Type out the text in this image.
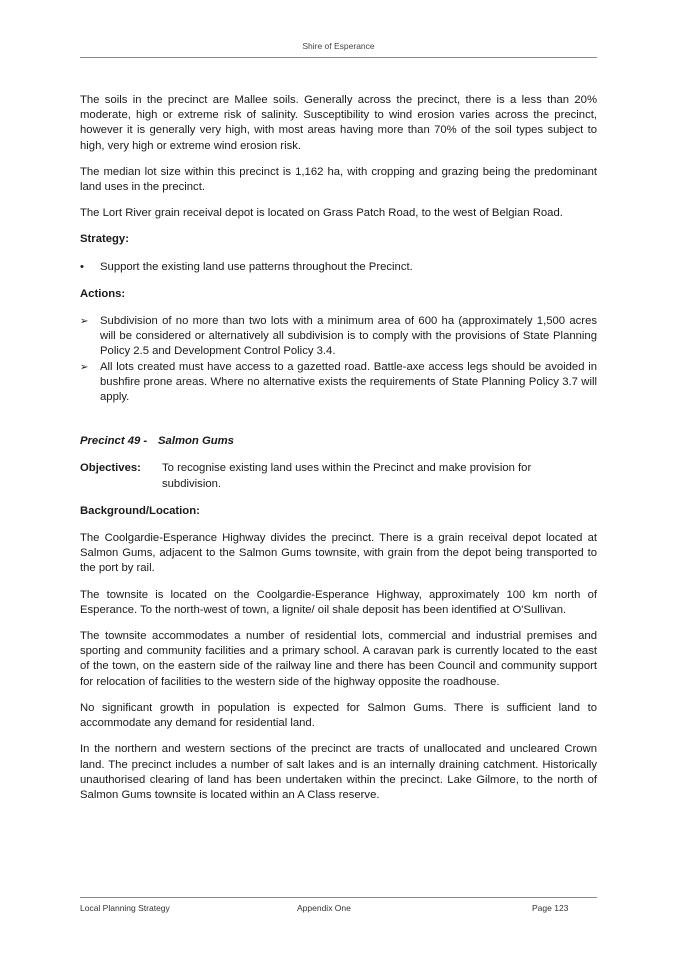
Shire of Esperance

The soils in the precinct are Mallee soils. Generally across the precinct, there is a less than 20% moderate, high or extreme risk of salinity. Susceptibility to wind erosion varies across the precinct, however it is generally very high, with most areas having more than 70% of the soil types subject to high, very high or extreme wind erosion risk.

The median lot size within this precinct is 1,162 ha, with cropping and grazing being the predominant land uses in the precinct.

The Lort River grain receival depot is located on Grass Patch Road, to the west of Belgian Road.

Strategy:
• Support the existing land use patterns throughout the Precinct.
Actions:
➢ Subdivision of no more than two lots with a minimum area of 600 ha (approximately 1,500 acres will be considered or alternatively all subdivision is to comply with the provisions of State Planning Policy 2.5 and Development Control Policy 3.4.
➢ All lots created must have access to a gazetted road. Battle-axe access legs should be avoided in bushfire prone areas. Where no alternative exists the requirements of State Planning Policy 3.7 will apply.
Precinct 49 - Salmon Gums
Objectives:	To recognise existing land uses within the Precinct and make provision for subdivision.
Background/Location:

The Coolgardie-Esperance Highway divides the precinct. There is a grain receival depot located at Salmon Gums, adjacent to the Salmon Gums townsite, with grain from the depot being transported to the port by rail.

The townsite is located on the Coolgardie-Esperance Highway, approximately 100 km north of Esperance. To the north-west of town, a lignite/ oil shale deposit has been identified at O'Sullivan.

The townsite accommodates a number of residential lots, commercial and industrial premises and sporting and community facilities and a primary school. A caravan park is currently located to the east of the town, on the eastern side of the railway line and there has been Council and community support for relocation of facilities to the western side of the highway opposite the roadhouse.

No significant growth in population is expected for Salmon Gums. There is sufficient land to accommodate any demand for residential land.

In the northern and western sections of the precinct are tracts of unallocated and uncleared Crown land. The precinct includes a number of salt lakes and is an internally draining catchment. Historically unauthorised clearing of land has been undertaken within the precinct. Lake Gilmore, to the north of Salmon Gums townsite is located within an A Class reserve.

Local Planning Strategy	Appendix One	Page 123
